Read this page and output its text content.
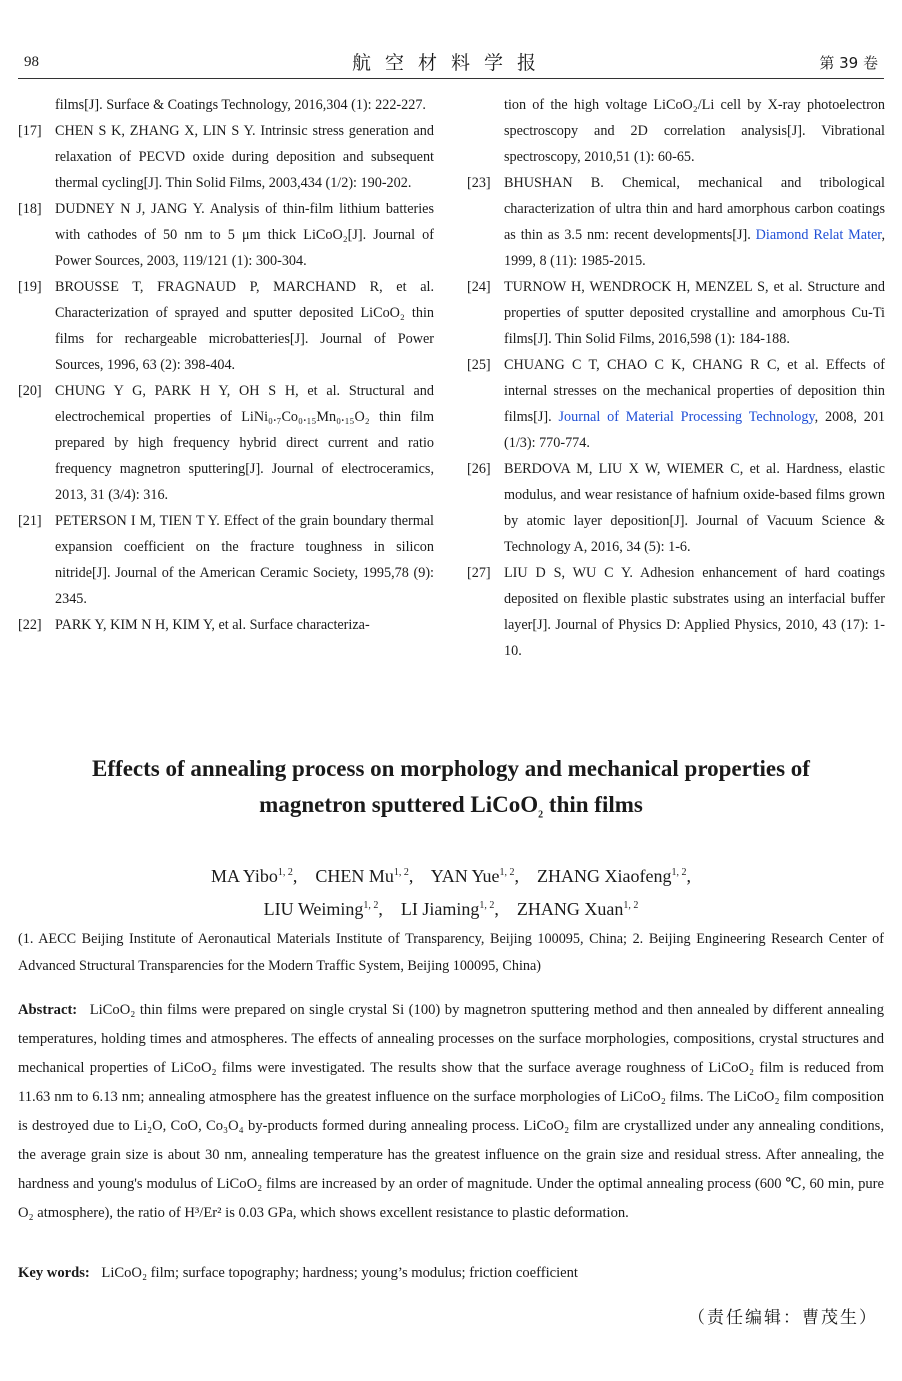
98	航空材料学报	第 39 卷
films[J]. Surface & Coatings Technology, 2016,304 (1): 222-227.
[17] CHEN S K, ZHANG X, LIN S Y. Intrinsic stress generation and relaxation of PECVD oxide during deposition and subsequent thermal cycling[J]. Thin Solid Films, 2003,434 (1/2): 190-202.
[18] DUDNEY N J, JANG Y. Analysis of thin-film lithium batteries with cathodes of 50 nm to 5 μm thick LiCoO₂[J]. Journal of Power Sources, 2003, 119/121 (1): 300-304.
[19] BROUSSE T, FRAGNAUD P, MARCHAND R, et al. Characterization of sprayed and sputter deposited LiCoO₂ thin films for rechargeable microbatteries[J]. Journal of Power Sources, 1996, 63 (2): 398-404.
[20] CHUNG Y G, PARK H Y, OH S H, et al. Structural and electrochemical properties of LiNi₀.₇Co₀.₁₅Mn₀.₁₅O₂ thin film prepared by high frequency hybrid direct current and ratio frequency magnetron sputtering[J]. Journal of electroceramics, 2013, 31 (3/4): 316.
[21] PETERSON I M, TIEN T Y. Effect of the grain boundary thermal expansion coefficient on the fracture toughness in silicon nitride[J]. Journal of the American Ceramic Society, 1995,78 (9): 2345.
[22] PARK Y, KIM N H, KIM Y, et al. Surface characteriza-
tion of the high voltage LiCoO₂/Li cell by X-ray photoelectron spectroscopy and 2D correlation analysis[J]. Vibrational spectroscopy, 2010,51 (1): 60-65.
[23] BHUSHAN B. Chemical, mechanical and tribological characterization of ultra thin and hard amorphous carbon coatings as thin as 3.5 nm: recent developments[J]. Diamond Relat Mater, 1999, 8 (11): 1985-2015.
[24] TURNOW H, WENDROCK H, MENZEL S, et al. Structure and properties of sputter deposited crystalline and amorphous Cu-Ti films[J]. Thin Solid Films, 2016,598 (1): 184-188.
[25] CHUANG C T, CHAO C K, CHANG R C, et al. Effects of internal stresses on the mechanical properties of deposition thin films[J]. Journal of Material Processing Technology, 2008, 201 (1/3): 770-774.
[26] BERDOVA M, LIU X W, WIEMER C, et al. Hardness, elastic modulus, and wear resistance of hafnium oxide-based films grown by atomic layer deposition[J]. Journal of Vacuum Science & Technology A, 2016, 34 (5): 1-6.
[27] LIU D S, WU C Y. Adhesion enhancement of hard coatings deposited on flexible plastic substrates using an interfacial buffer layer[J]. Journal of Physics D: Applied Physics, 2010, 43 (17): 1-10.
Effects of annealing process on morphology and mechanical properties of
magnetron sputtered LiCoO$_2$ thin films
MA Yibo$^{1, 2}$,    CHEN Mu$^{1, 2}$,    YAN Yue$^{1, 2}$,    ZHANG Xiaofeng$^{1, 2}$,
LIU Weiming$^{1, 2}$,    LI Jiaming$^{1, 2}$,    ZHANG Xuan$^{1, 2}$
(1. AECC Beijing Institute of Aeronautical Materials Institute of Transparency, Beijing 100095, China; 2. Beijing Engineering Research Center of Advanced Structural Transparencies for the Modern Traffic System, Beijing 100095, China)
Abstract: LiCoO₂ thin films were prepared on single crystal Si (100) by magnetron sputtering method and then annealed by different annealing temperatures, holding times and atmospheres. The effects of annealing processes on the surface morphologies, compositions, crystal structures and mechanical properties of LiCoO₂ films were investigated. The results show that the surface average roughness of LiCoO₂ film is reduced from 11.63 nm to 6.13 nm; annealing atmosphere has the greatest influence on the surface morphologies of LiCoO₂ films. The LiCoO₂ film composition is destroyed due to Li₂O, CoO, Co₃O₄ by-products formed during annealing process. LiCoO₂ film are crystallized under any annealing conditions, the average grain size is about 30 nm, annealing temperature has the greatest influence on the grain size and residual stress. After annealing, the hardness and young's modulus of LiCoO₂ films are increased by an order of magnitude. Under the optimal annealing process (600 ℃, 60 min, pure O₂ atmosphere), the ratio of H³/Er² is 0.03 GPa, which shows excellent resistance to plastic deformation.
Key words: LiCoO₂ film; surface topography; hardness; young’s modulus; friction coefficient
（责任编辑：曹茂生）
